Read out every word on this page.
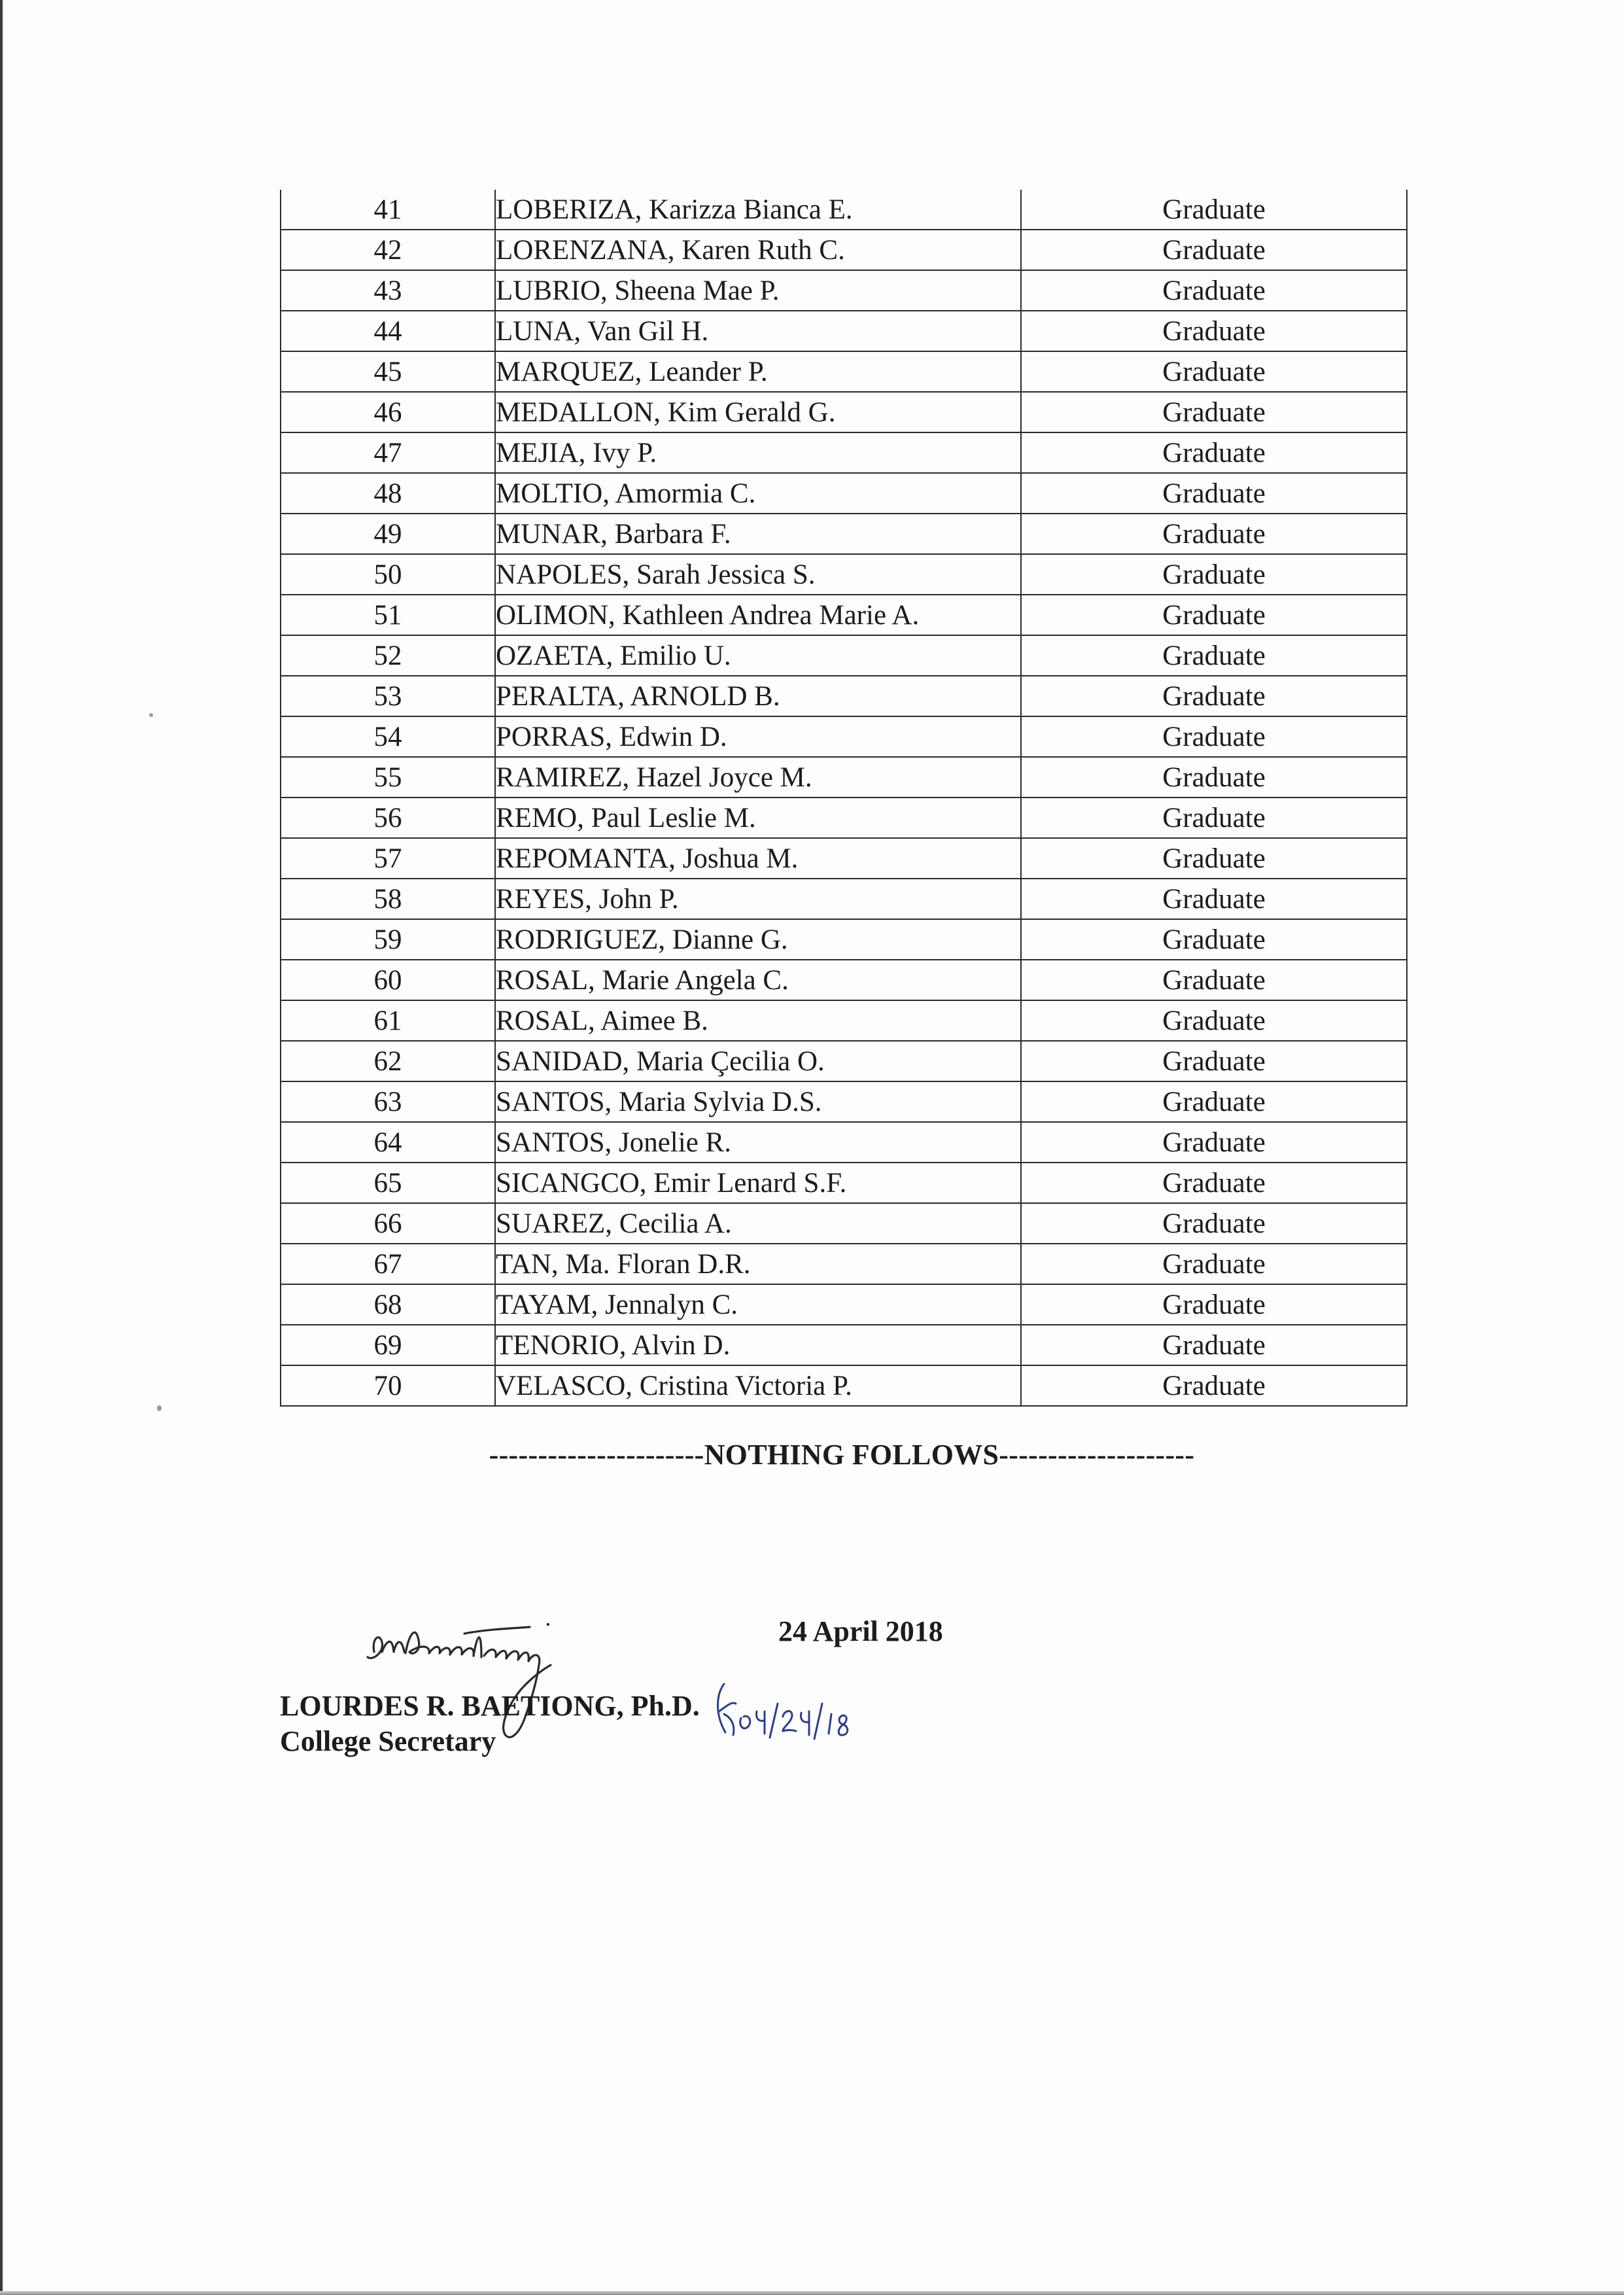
41	LOBERIZA, Karizza Bianca E.	Graduate
42	LORENZANA, Karen Ruth C.	Graduate
43	LUBRIO, Sheena Mae P.	Graduate
44	LUNA, Van Gil H.	Graduate
45	MARQUEZ, Leander P.	Graduate
46	MEDALLON, Kim Gerald G.	Graduate
47	MEJIA, Ivy P.	Graduate
48	MOLTIO, Amormia C.	Graduate
49	MUNAR, Barbara F.	Graduate
50	NAPOLES, Sarah Jessica S.	Graduate
51	OLIMON, Kathleen Andrea Marie A.	Graduate
52	OZAETA, Emilio U.	Graduate
53	PERALTA, ARNOLD B.	Graduate
54	PORRAS, Edwin D.	Graduate
55	RAMIREZ, Hazel Joyce M.	Graduate
56	REMO, Paul Leslie M.	Graduate
57	REPOMANTA, Joshua M.	Graduate
58	REYES, John P.	Graduate
59	RODRIGUEZ, Dianne G.	Graduate
60	ROSAL, Marie Angela C.	Graduate
61	ROSAL, Aimee B.	Graduate
62	SANIDAD, Maria Çecilia O.	Graduate
63	SANTOS, Maria Sylvia D.S.	Graduate
64	SANTOS, Jonelie R.	Graduate
65	SICANGCO, Emir Lenard S.F.	Graduate
66	SUAREZ, Cecilia A.	Graduate
67	TAN, Ma. Floran D.R.	Graduate
68	TAYAM, Jennalyn C.	Graduate
69	TENORIO, Alvin D.	Graduate
70	VELASCO, Cristina Victoria P.	Graduate
----------------------NOTHING FOLLOWS--------------------
24 April 2018
LOURDES R. BAETIONG, Ph.D.
College Secretary
